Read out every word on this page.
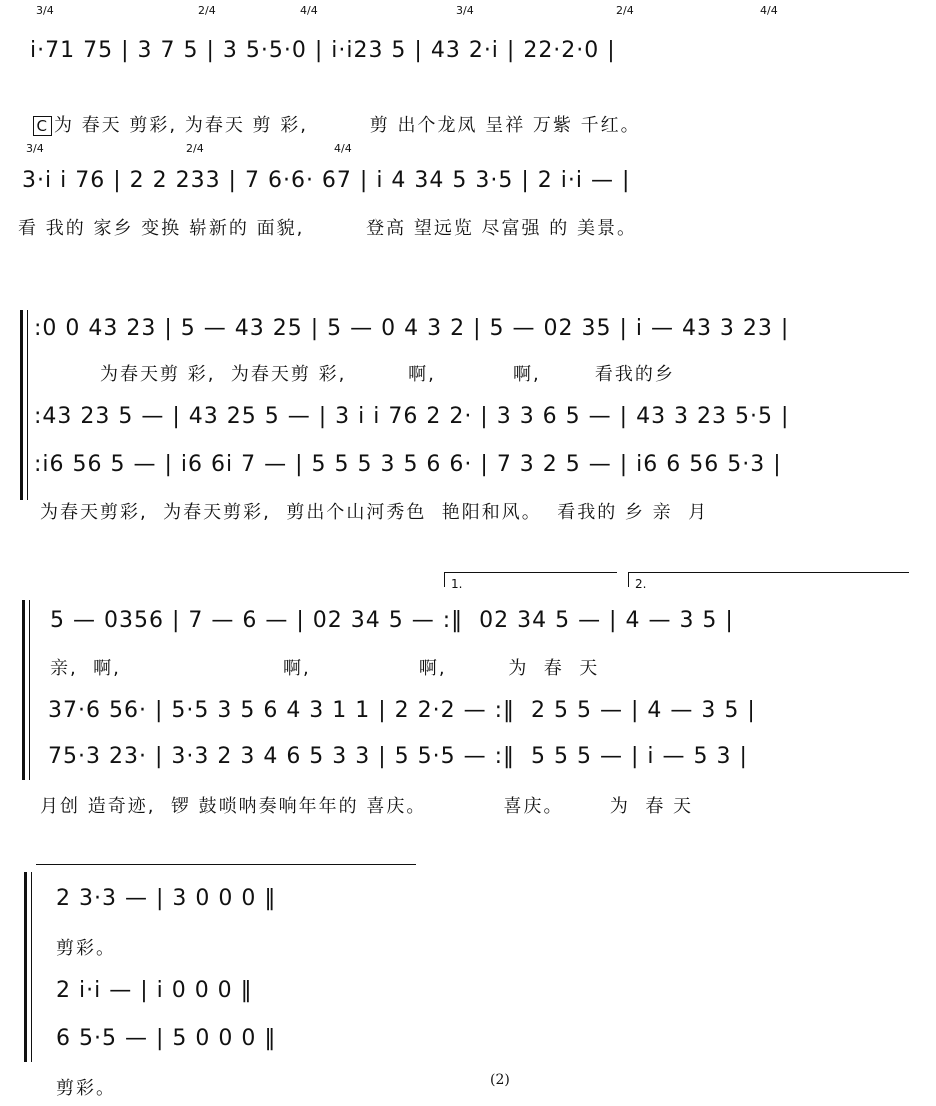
3/4	2/4	4/4	3/4	2/4	4/4
3/4	2/4	4/4
i·71 75 | 3 7 5 | 3 5·5·0 | i·i23 5 | 43 2·i | 22·2·0 |

C 为 春天 剪彩, 为春天 剪 彩,        剪 出个龙凤 呈祥 万紫 千红。

3·i i 76 | 2 2 233 | 7 6·6· 67 | i 4 34 5 3·5 | 2 i·i — |
看 我的 家乡 变换 崭新的 面貌,        登高 望远览 尽富强 的 美景。
:0 0 43 23 | 5 — 43 25 | 5 — 0 4 3 2 | 5 — 02 35 | i — 43 3 23 |
为春天剪 彩,  为春天剪 彩,        啊,          啊,       看我的乡
:43 23 5 — | 43 25 5 — | 3 i i 76 2 2· | 3 3 6 5 — | 43 3 23 5·5 |
:i6 56 5 — | i6 6i 7 — | 5 5 5 3 5 6 6· | 7 3 2 5 — | i6 6 56 5·3 |
为春天剪彩,  为春天剪彩,  剪出个山河秀色  艳阳和风。  看我的 乡 亲  月
1.	2.
5 — 0356 | 7 — 6 — | 02 34 5 — :‖  02 34 5 — | 4 — 3 5 |
亲,  啊,                     啊,              啊,        为  春  天
37·6 56· | 5·5 3 5 6 4 3 1 1 | 2 2·2 — :‖  2 5 5 — | 4 — 3 5 |
75·3 23· | 3·3 2 3 4 6 5 3 3 | 5 5·5 — :‖  5 5 5 — | i — 5 3 |
月创 造奇迹,  锣 鼓唢呐奏响年年的 喜庆。          喜庆。      为  春 天
2 3·3 — | 3 0 0 0 ‖
剪彩。
2 i·i — | i 0 0 0 ‖
6 5·5 — | 5 0 0 0 ‖
剪彩。	(2)
